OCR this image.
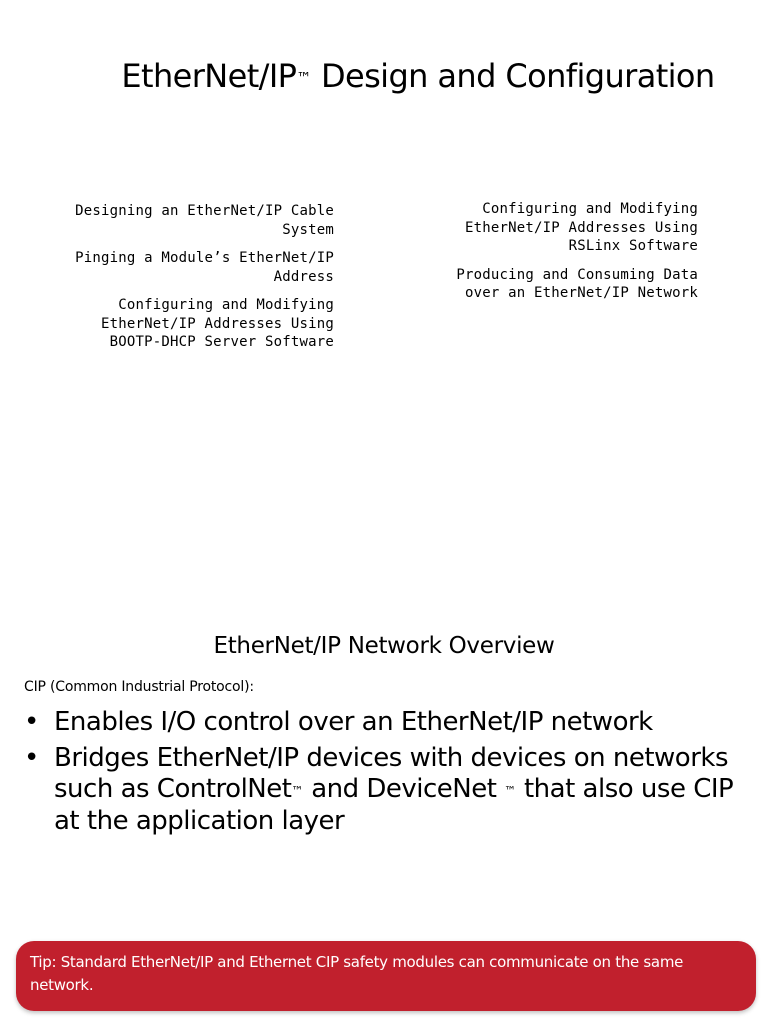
EtherNet/IP™ Design and Configuration

Designing an EtherNet/IP Cable
System

Pinging a Module’s EtherNet/IP
Address

Configuring and Modifying
EtherNet/IP Addresses Using
BOOTP-DHCP Server Software

Configuring and Modifying
EtherNet/IP Addresses Using
RSLinx Software

Producing and Consuming Data
over an EtherNet/IP Network

EtherNet/IP Network Overview
CIP (Common Industrial Protocol):
• Enables I/O control over an EtherNet/IP network
• Bridges EtherNet/IP devices with devices on networks such as ControlNet™ and DeviceNet ™ that also use CIP at the application layer
Tip: Standard EtherNet/IP and Ethernet CIP safety modules can communicate on the same network.
